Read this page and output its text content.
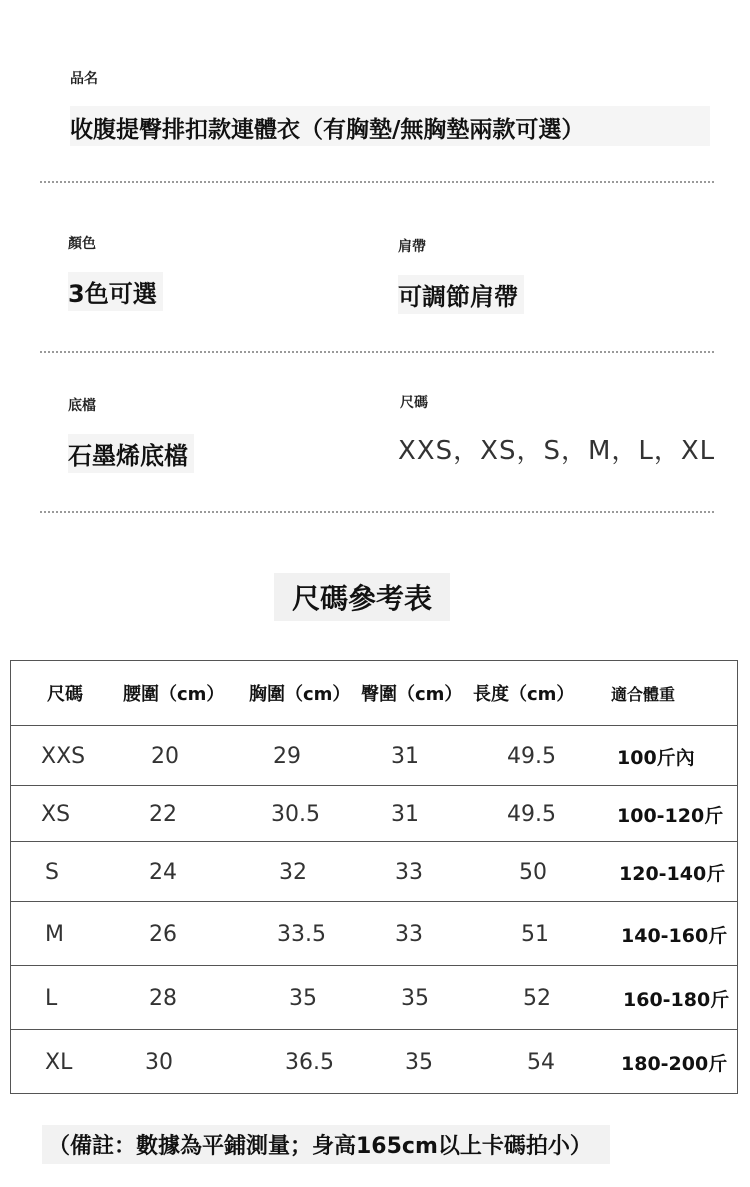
品名
收腹提臀排扣款連體衣（有胸墊/無胸墊兩款可選）
顏色
3色可選
肩帶
可調節肩帶
底檔
石墨烯底檔
尺碼
XXS，XS，S，M，L，XL
尺碼參考表
尺碼 腰圍（cm） 胸圍（cm） 臀圍（cm） 長度（cm） 適合體重
XXS	20	29	31	49.5	100斤內
XS	22	30.5	31	49.5	100-120斤
S	24	32	33	50	120-140斤
M	26	33.5	33	51	140-160斤
L	28	35	35	52	160-180斤
XL	30	36.5	35	54	180-200斤
（備註：數據為平鋪測量；身高165cm以上卡碼拍小）
